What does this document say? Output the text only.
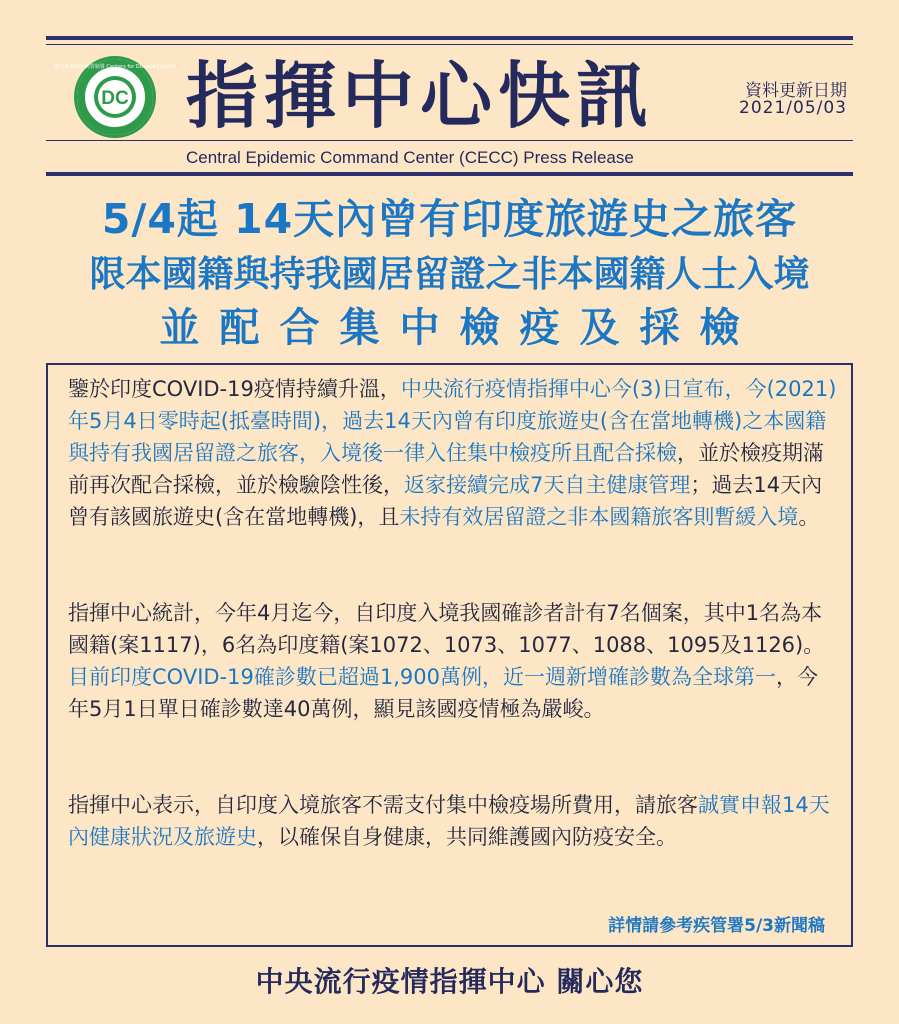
DC
衛生福利部疾病管制署 Centers for Disease Control 指揮中心快訊	資料更新日期
2021/05/03
Central Epidemic Command Center (CECC) Press Release
5/4起 14天內曾有印度旅遊史之旅客
限本國籍與持我國居留證之非本國籍人士入境
並配合集中檢疫及採檢
鑒於印度COVID-19疫情持續升溫，中央流行疫情指揮中心今(3)日宣布，今(2021)年5月4日零時起(抵臺時間)，過去14天內曾有印度旅遊史(含在當地轉機)之本國籍與持有我國居留證之旅客，入境後一律入住集中檢疫所且配合採檢，並於檢疫期滿前再次配合採檢，並於檢驗陰性後，返家接續完成7天自主健康管理；過去14天內曾有該國旅遊史(含在當地轉機)，且未持有效居留證之非本國籍旅客則暫緩入境。
指揮中心統計，今年4月迄今，自印度入境我國確診者計有7名個案，其中1名為本國籍(案1117)，6名為印度籍(案1072、1073、1077、1088、1095及1126)。目前印度COVID-19確診數已超過1,900萬例，近一週新增確診數為全球第一，今年5月1日單日確診數達40萬例，顯見該國疫情極為嚴峻。
指揮中心表示，自印度入境旅客不需支付集中檢疫場所費用，請旅客誠實申報14天內健康狀況及旅遊史，以確保自身健康，共同維護國內防疫安全。
詳情請參考疾管署5/3新聞稿
中央流行疫情指揮中心 關心您
